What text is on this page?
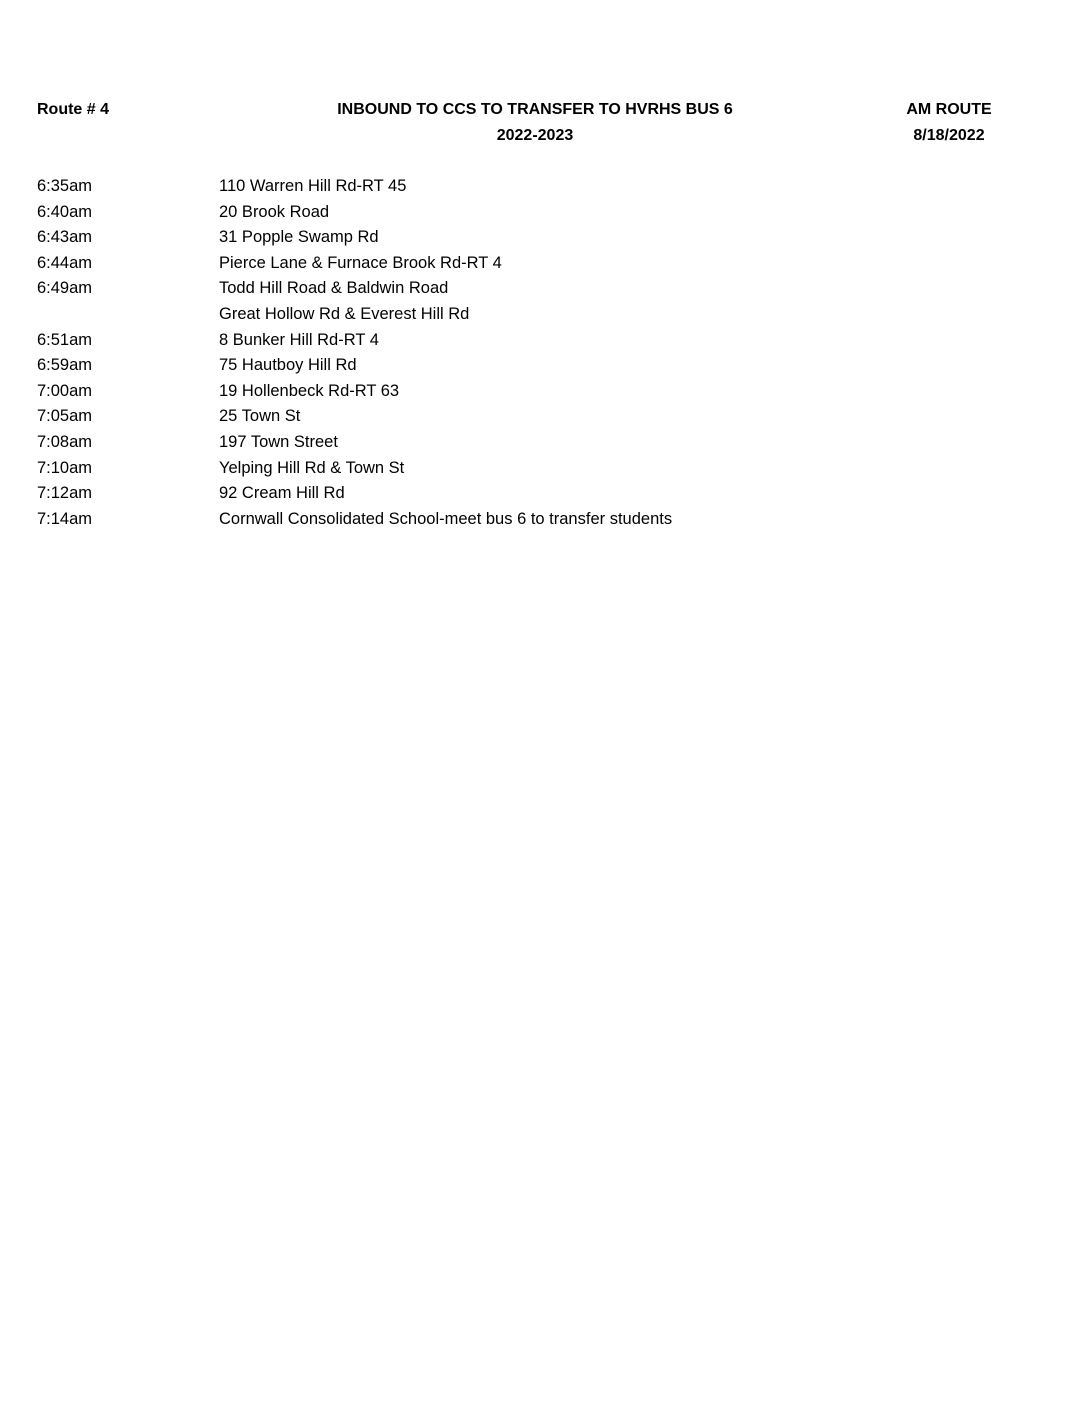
Route # 4	INBOUND TO CCS TO TRANSFER TO HVRHS BUS 6
2022-2023
AM ROUTE
8/18/2022
6:35am	110 Warren Hill Rd-RT 45
6:40am	20 Brook Road
6:43am	31 Popple Swamp Rd
6:44am	Pierce Lane & Furnace Brook Rd-RT 4
6:49am	Todd Hill Road & Baldwin Road
Great Hollow Rd & Everest Hill Rd
6:51am	8 Bunker Hill Rd-RT 4
6:59am	75 Hautboy Hill Rd
7:00am	19 Hollenbeck Rd-RT 63
7:05am	25 Town St
7:08am	197 Town Street
7:10am	Yelping Hill Rd & Town St
7:12am	92 Cream Hill Rd
7:14am	Cornwall Consolidated School-meet bus 6 to transfer students
